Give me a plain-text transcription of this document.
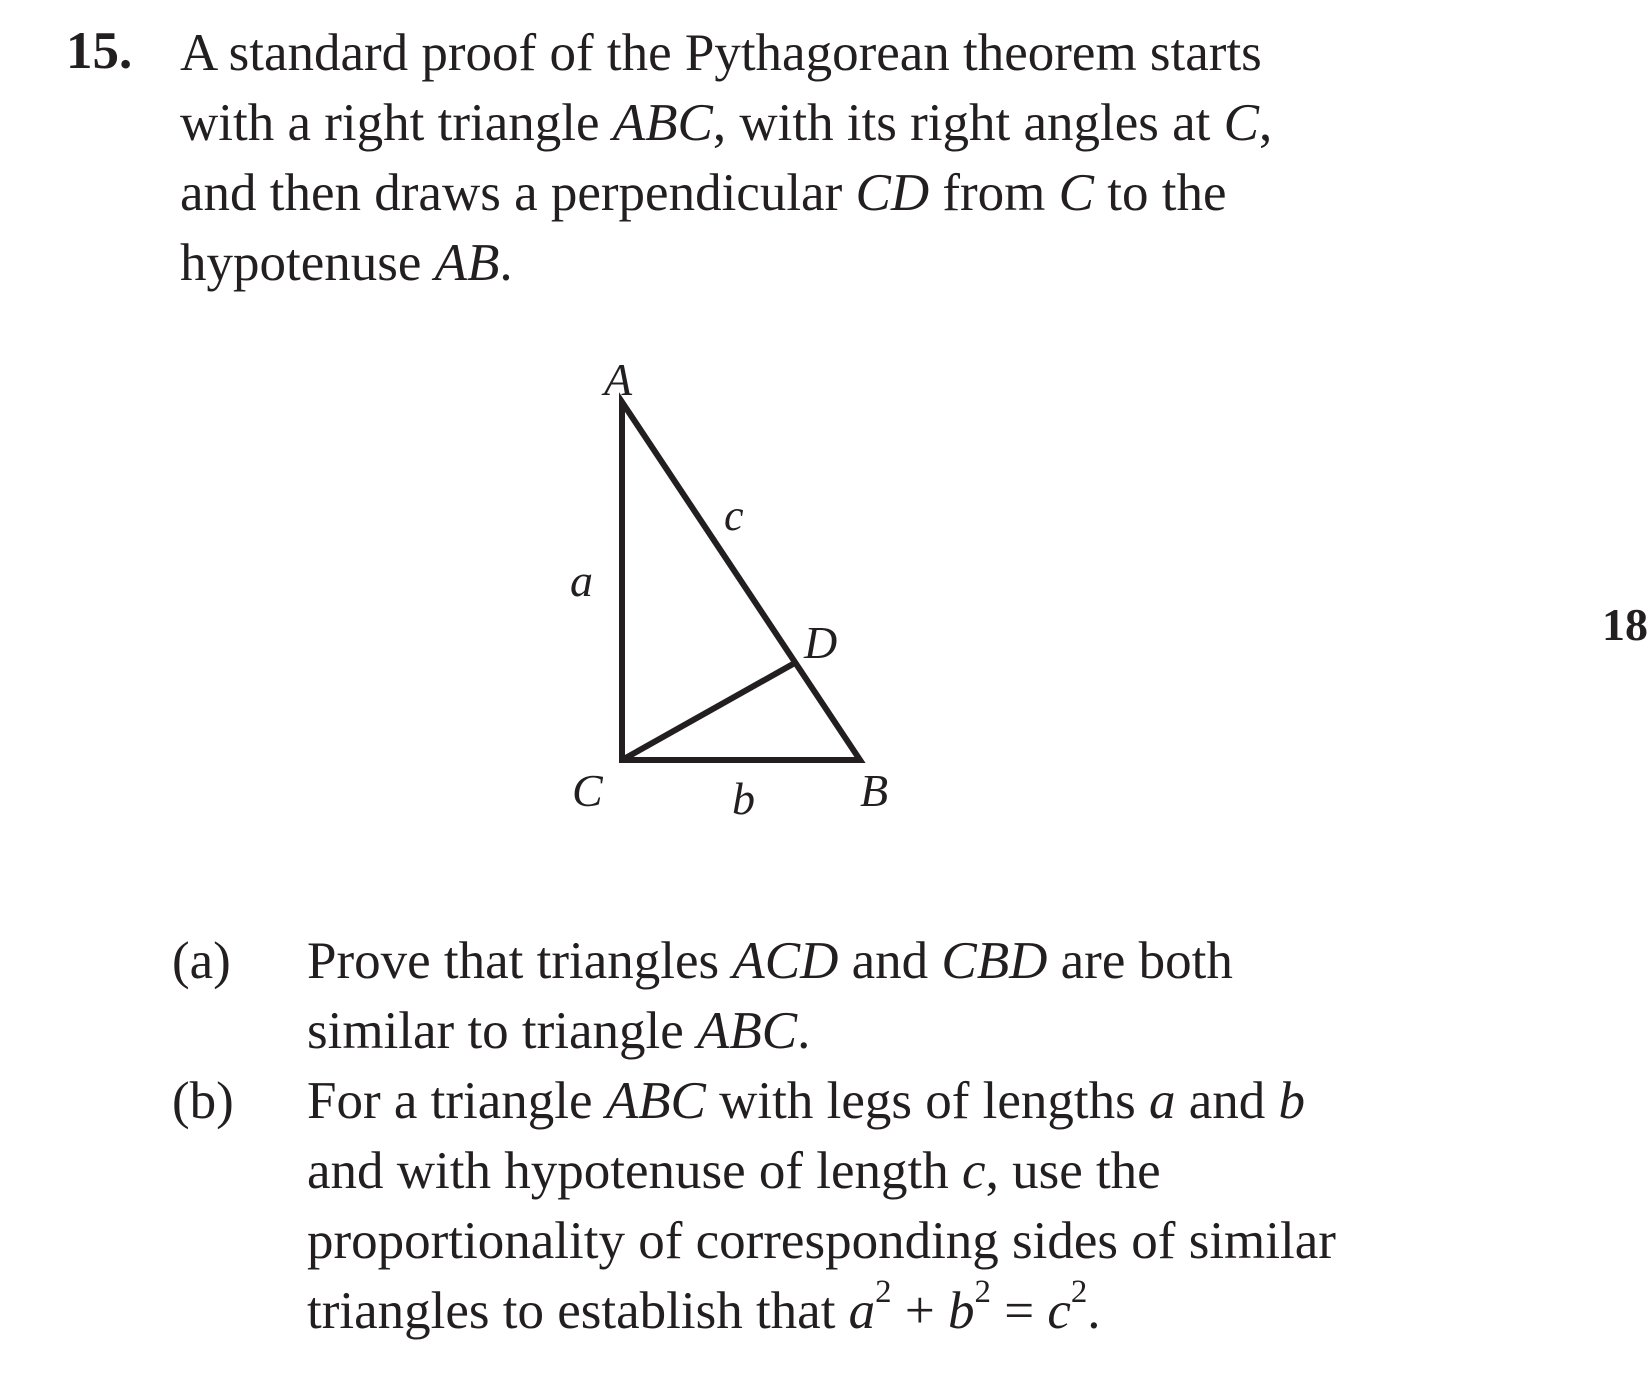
15. A standard proof of the Pythagorean theorem starts
with a right triangle ABC, with its right angles at C,
and then draws a perpendicular CD from C to the
hypotenuse AB.
A
c
a
D
C	b B
18
(a) Prove that triangles ACD and CBD are both
similar to triangle ABC.
(b) For a triangle ABC with legs of lengths a and b
and with hypotenuse of length c, use the
proportionality of corresponding sides of similar
triangles to establish that $a^2 + b^2 = c^2$.
